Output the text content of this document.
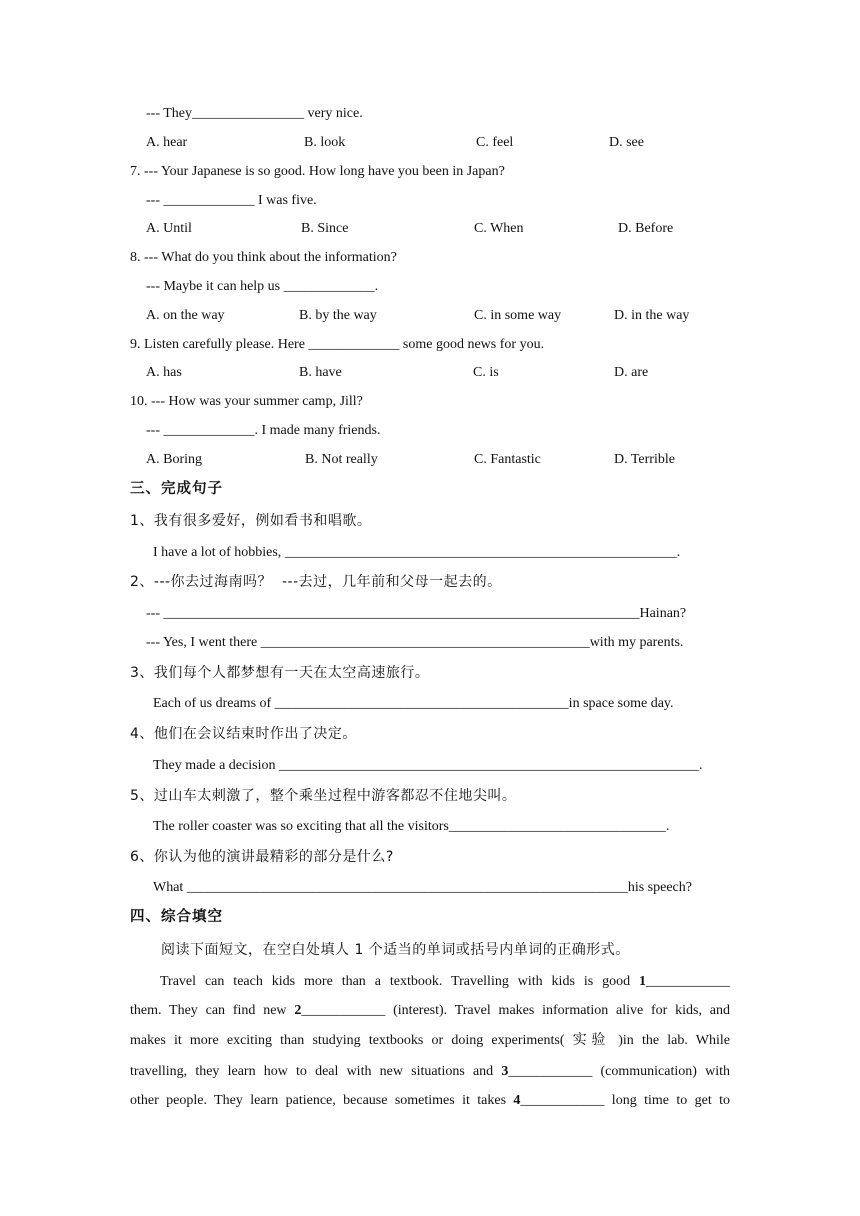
--- They________________ very nice.
A. hear	B. look	C. feel	D. see
7. --- Your Japanese is so good. How long have you been in Japan?
--- _____________ I was five.
A. Until	B. Since	C. When	D. Before
8. --- What do you think about the information?
--- Maybe it can help us _____________.
A. on the way	B. by the way	C. in some way	D. in the way
9. Listen carefully please. Here _____________ some good news for you.
A. has	B. have	C. is	D. are
10. --- How was your summer camp, Jill?
--- _____________. I made many friends.
A. Boring	B. Not really	C. Fantastic	D. Terrible
三、完成句子
1、我有很多爱好，例如看书和唱歌。
I have a lot of hobbies, ________________________________________________________.
2、---你去过海南吗？  ---去过，几年前和父母一起去的。
--- ____________________________________________________________________Hainan?
--- Yes, I went there _______________________________________________with my parents.
3、我们每个人都梦想有一天在太空高速旅行。
Each of us dreams of __________________________________________in space some day.
4、他们在会议结束时作出了决定。
They made a decision ____________________________________________________________.
5、过山车太刺激了，整个乘坐过程中游客都忍不住地尖叫。
The roller coaster was so exciting that all the visitors_______________________________.
6、你认为他的演讲最精彩的部分是什么?
What _______________________________________________________________his speech?
四、综合填空
阅读下面短文，在空白处填人 1 个适当的单词或括号内单词的正确形式。
Travel can teach kids more than a textbook. Travelling with kids is good 1____________
them. They can find new 2____________ (interest). Travel makes information alive for kids, and
makes it more exciting than studying textbooks or doing experiments( 实验 )in the lab. While
travelling, they learn how to deal with new situations and 3____________ (communication) with
other people. They learn patience, because sometimes it takes 4____________ long time to get to
